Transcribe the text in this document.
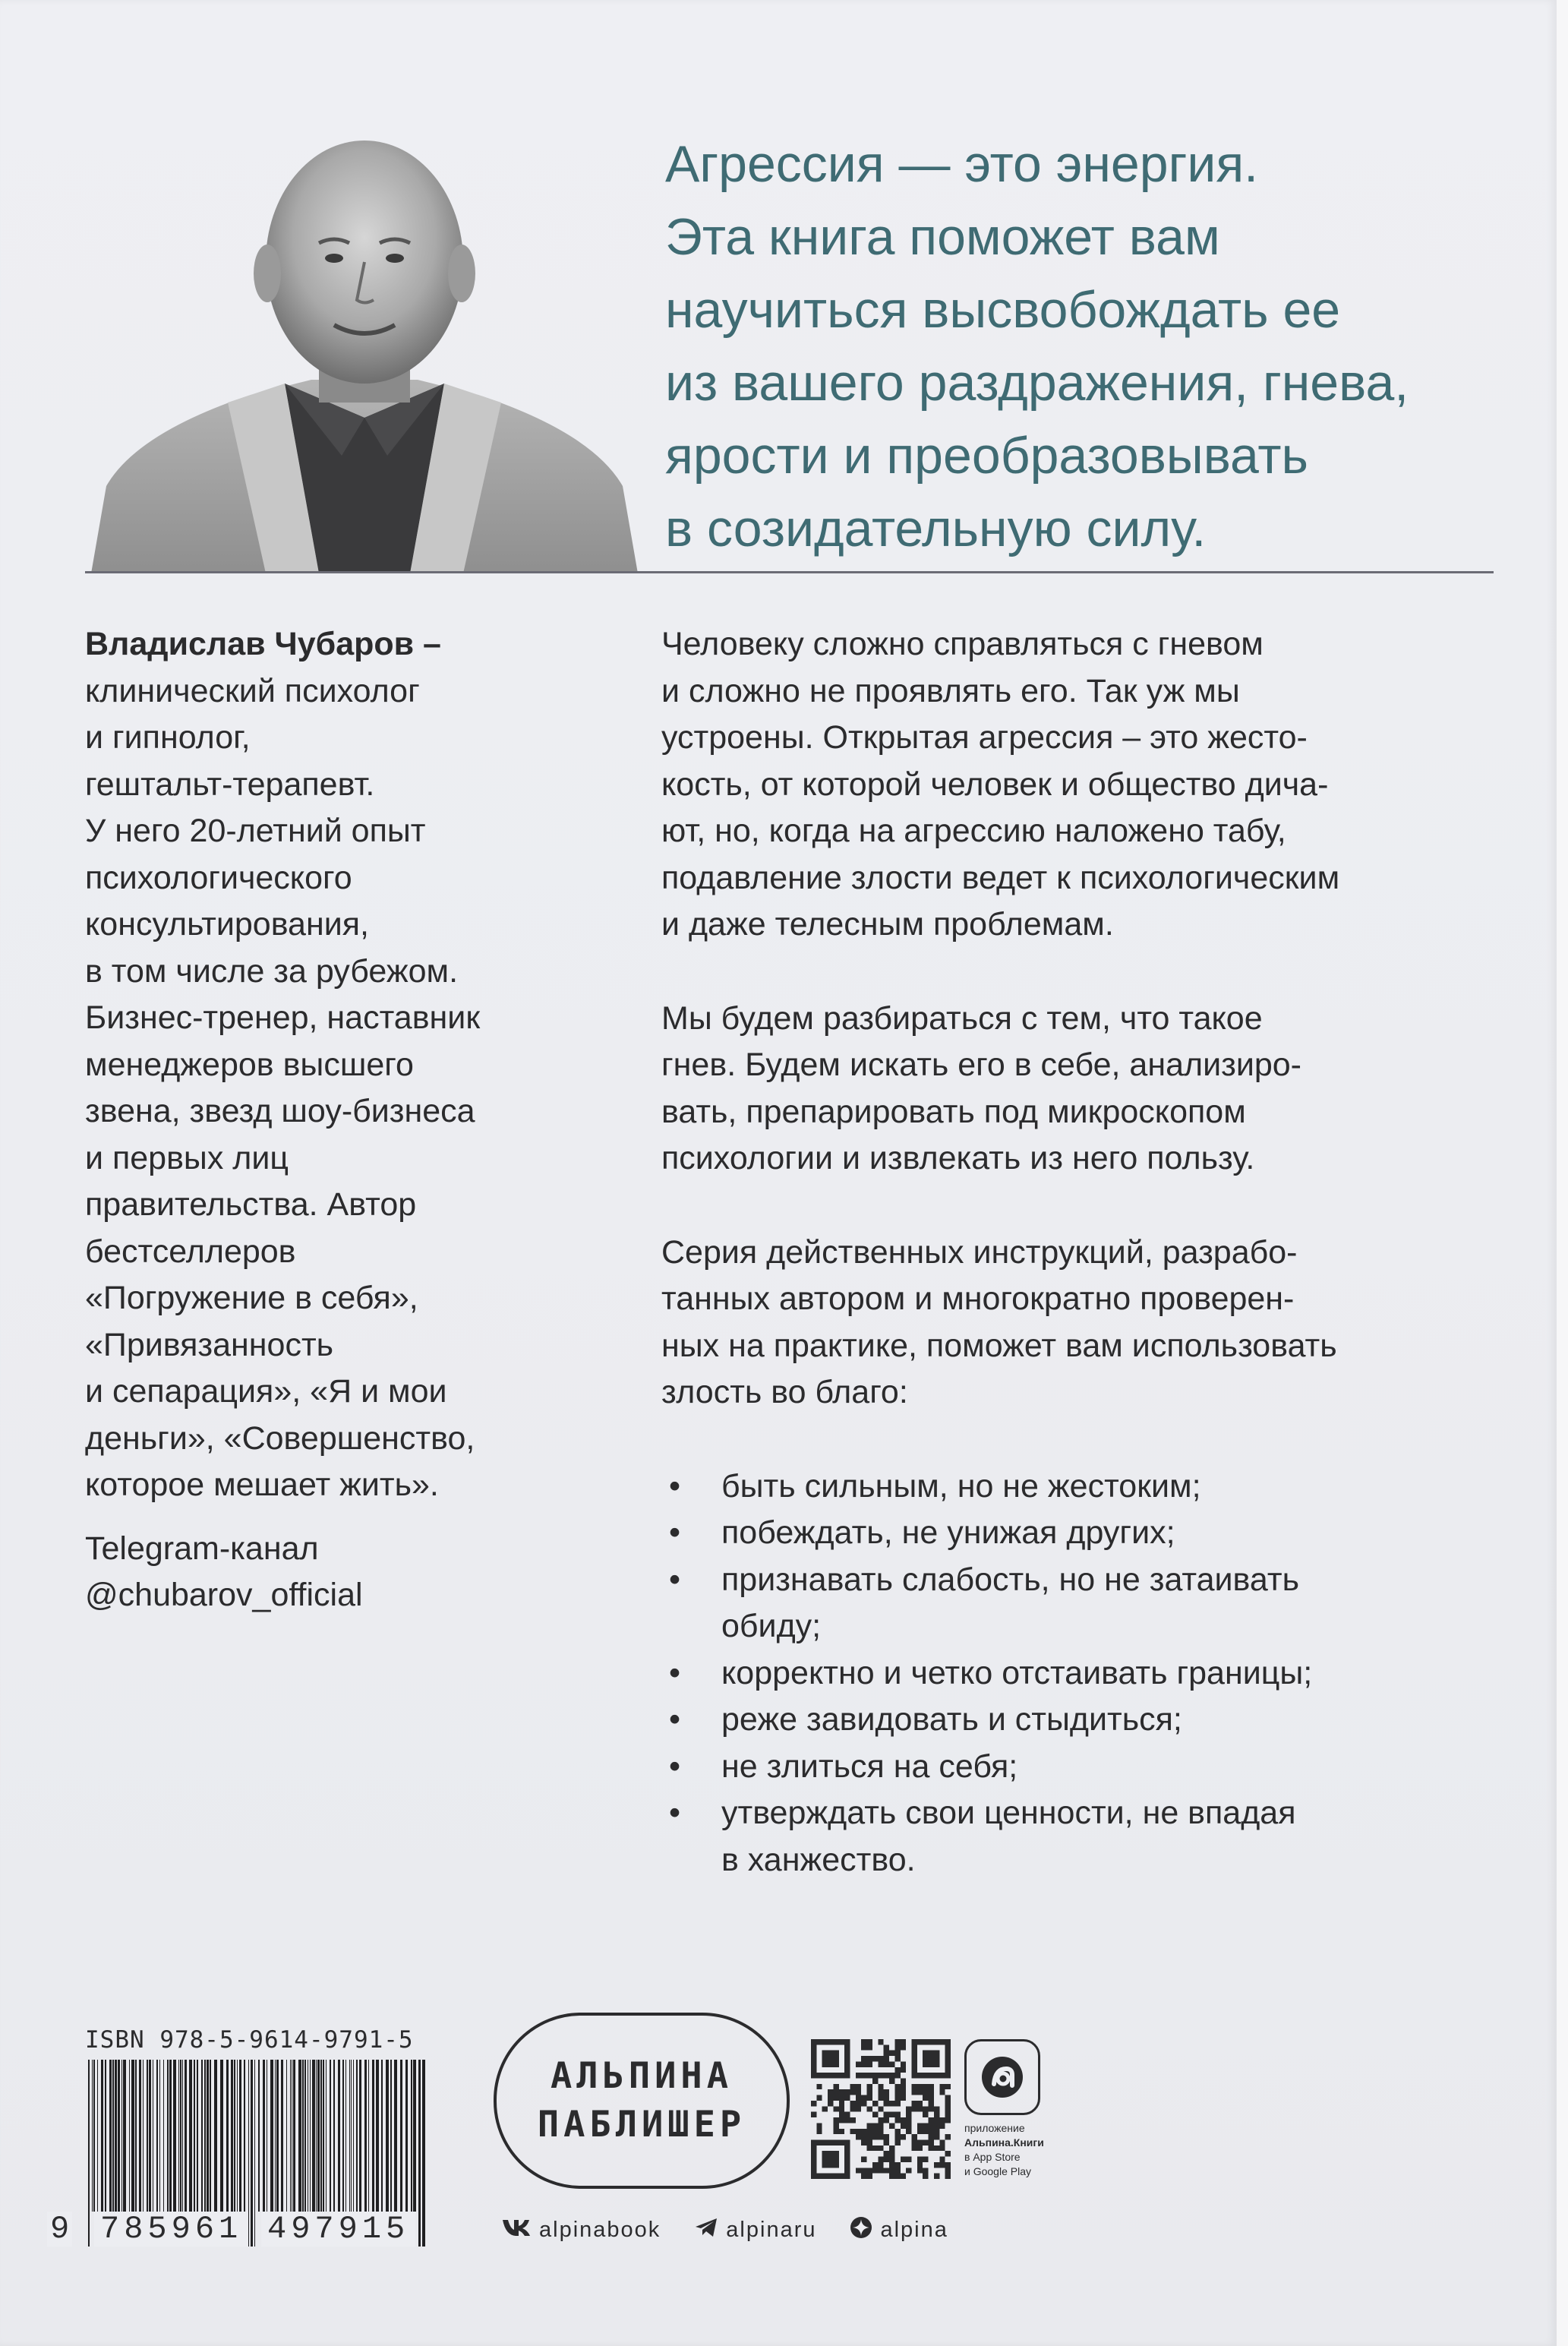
Агрессия — это энергия.
Эта книга поможет вам
научиться высвобождать ее
из вашего раздражения, гнева,
ярости и преобразовывать
в созидательную силу.
Владислав Чубаров –
клинический психолог
и гипнолог,
гештальт-терапевт.
У него 20-летний опыт
психологического
консультирования,
в том числе за рубежом.
Бизнес-тренер, наставник
менеджеров высшего
звена, звезд шоу-бизнеса
и первых лиц
правительства. Автор
бестселлеров
«Погружение в себя»,
«Привязанность
и сепарация», «Я и мои
деньги», «Совершенство,
которое мешает жить».
Telegram-канал
@chubarov_official
Человеку сложно справляться с гневом
и сложно не проявлять его. Так уж мы
устроены. Открытая агрессия – это жесто-
кость, от которой человек и общество дича-
ют, но, когда на агрессию наложено табу,
подавление злости ведет к психологическим
и даже телесным проблемам.
Мы будем разбираться с тем, что такое
гнев. Будем искать его в себе, анализиро-
вать, препарировать под микроскопом
психологии и извлекать из него пользу.
Серия действенных инструкций, разрабо-
танных автором и многократно проверен-
ных на практике, поможет вам использовать
злость во благо:
• быть сильным, но не жестоким;
• побеждать, не унижая других;
• признавать слабость, но не затаивать
обиду;
• корректно и четко отстаивать границы;
• реже завидовать и стыдиться;
• не злиться на себя;
• утверждать свои ценности, не впадая
в ханжество.
ISBN 978-5-9614-9791-5
9 785961 497915
АЛЬПИНА
ПАБЛИШЕР	приложение
Альпина.Книги
в App Store
и Google Play
alpinabook	alpinaru	alpina
